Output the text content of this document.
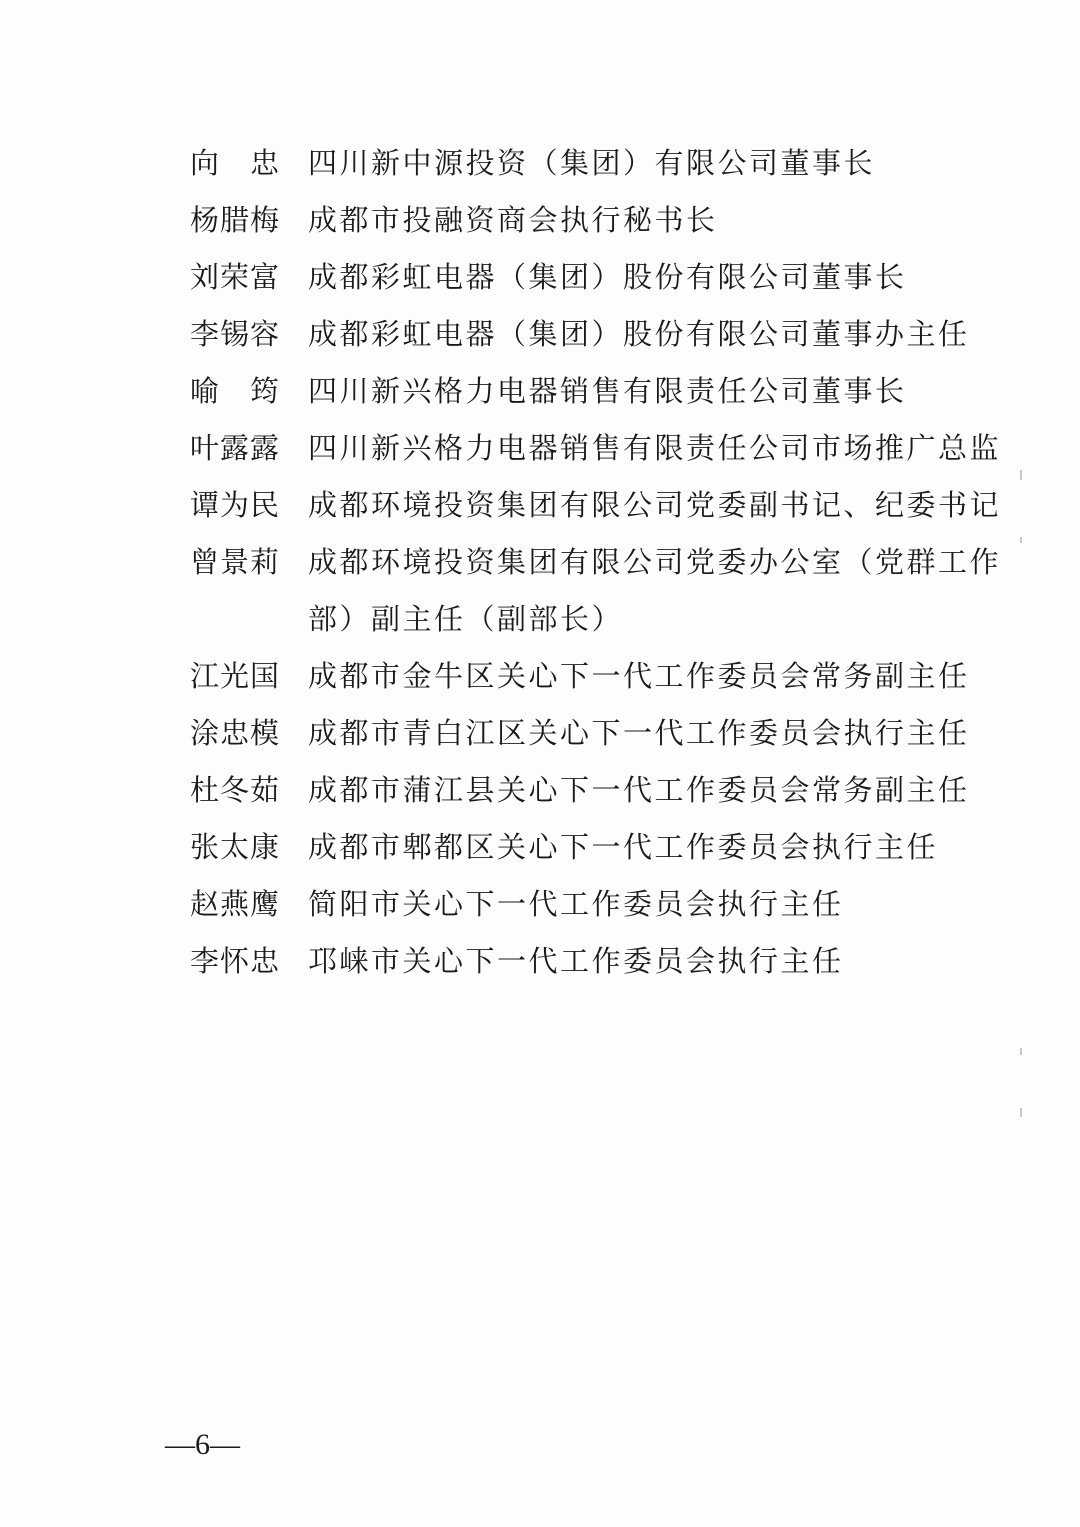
向　忠 四川新中源投资（集团）有限公司董事长
杨腊梅 成都市投融资商会执行秘书长
刘荣富 成都彩虹电器（集团）股份有限公司董事长
李锡容 成都彩虹电器（集团）股份有限公司董事办主任
喻　筠 四川新兴格力电器销售有限责任公司董事长
叶露露 四川新兴格力电器销售有限责任公司市场推广总监
谭为民 成都环境投资集团有限公司党委副书记、纪委书记
曾景莉 成都环境投资集团有限公司党委办公室（党群工作部）副主任（副部长）
江光国 成都市金牛区关心下一代工作委员会常务副主任
涂忠模 成都市青白江区关心下一代工作委员会执行主任
杜冬茹 成都市蒲江县关心下一代工作委员会常务副主任
张太康 成都市郫都区关心下一代工作委员会执行主任
赵燕鹰 简阳市关心下一代工作委员会执行主任
李怀忠 邛崃市关心下一代工作委员会执行主任
—6—
